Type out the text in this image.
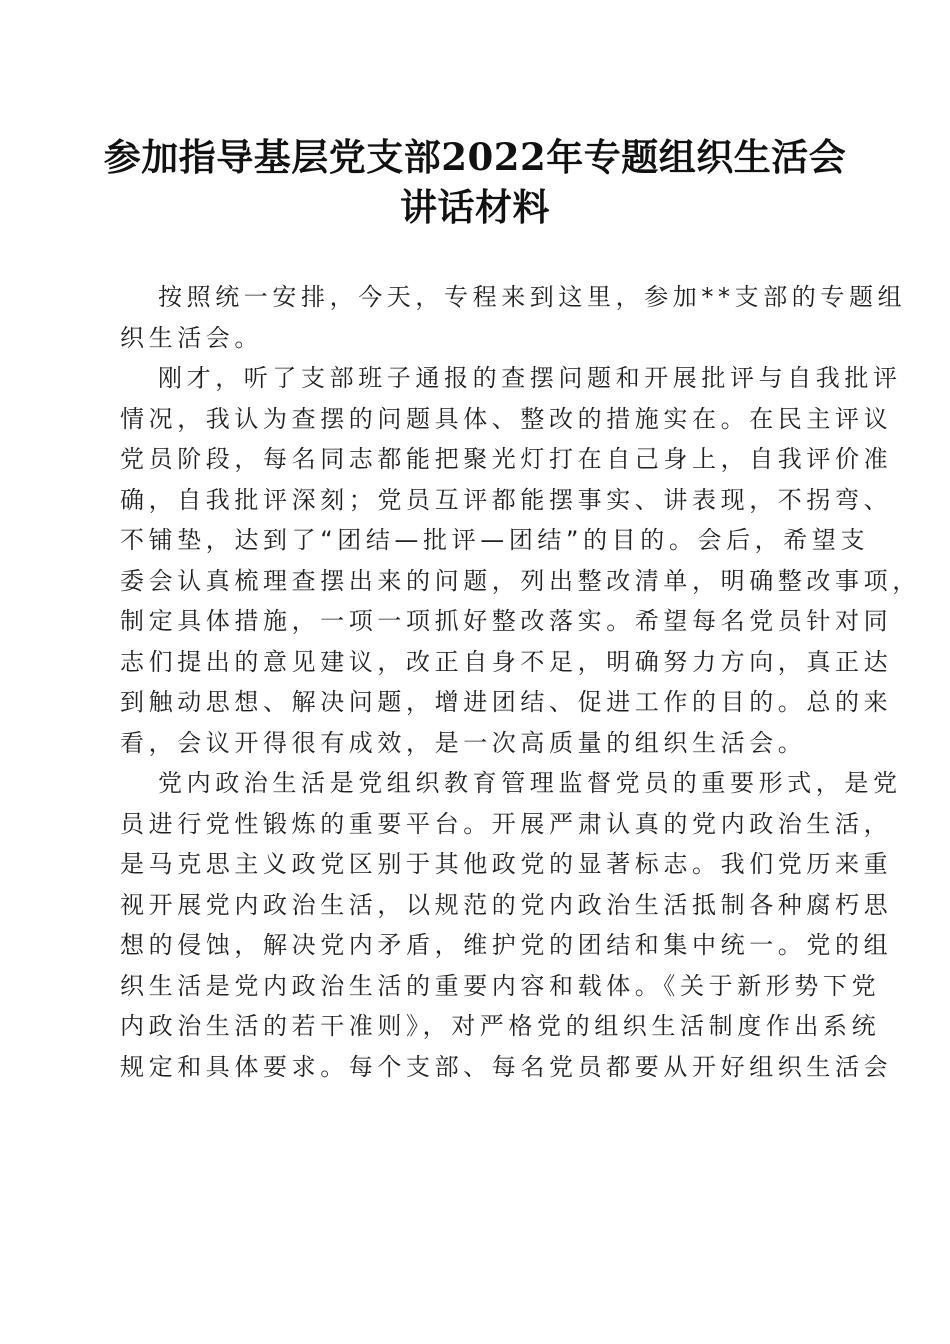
参加指导基层党支部2022年专题组织生活会
讲话材料
按照统一安排，今天，专程来到这里，参加**支部的专题组
织生活会。
刚才，听了支部班子通报的查摆问题和开展批评与自我批评
情况，我认为查摆的问题具体、整改的措施实在。在民主评议
党员阶段，每名同志都能把聚光灯打在自己身上，自我评价准
确，自我批评深刻；党员互评都能摆事实、讲表现，不拐弯、
不铺垫，达到了“团结—批评—团结”的目的。会后，希望支
委会认真梳理查摆出来的问题，列出整改清单，明确整改事项，
制定具体措施，一项一项抓好整改落实。希望每名党员针对同
志们提出的意见建议，改正自身不足，明确努力方向，真正达
到触动思想、解决问题，增进团结、促进工作的目的。总的来
看，会议开得很有成效，是一次高质量的组织生活会。
党内政治生活是党组织教育管理监督党员的重要形式，是党
员进行党性锻炼的重要平台。开展严肃认真的党内政治生活，
是马克思主义政党区别于其他政党的显著标志。我们党历来重
视开展党内政治生活，以规范的党内政治生活抵制各种腐朽思
想的侵蚀，解决党内矛盾，维护党的团结和集中统一。党的组
织生活是党内政治生活的重要内容和载体。《关于新形势下党
内政治生活的若干准则》，对严格党的组织生活制度作出系统
规定和具体要求。每个支部、每名党员都要从开好组织生活会
